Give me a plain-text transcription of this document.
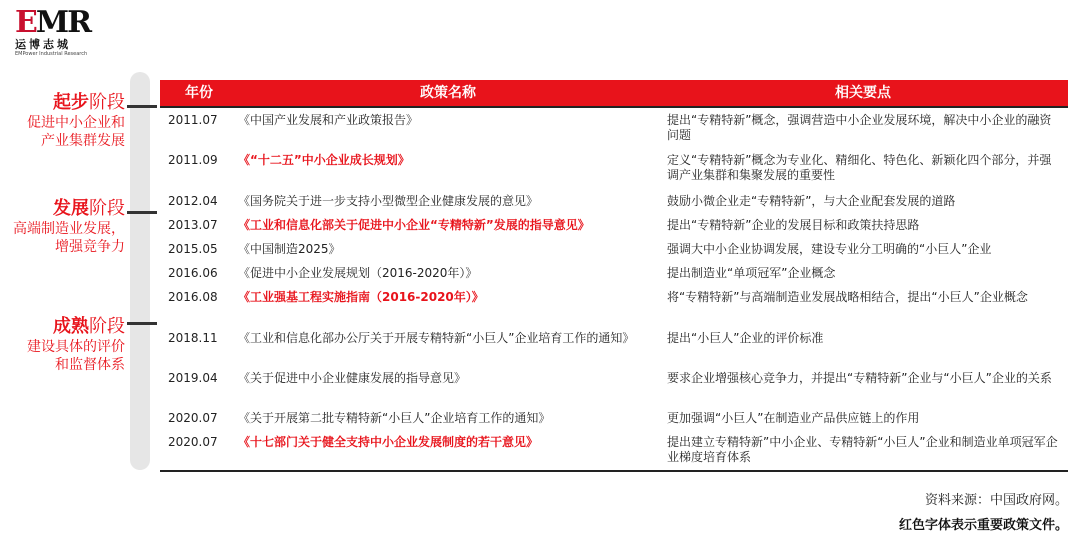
EMR
运博志城
EMPower Industrial Research
起步阶段
促进中小企业和
产业集群发展
发展阶段
高端制造业发展，
增强竞争力
成熟阶段
建设具体的评价
和监督体系
年份	政策名称	相关要点
2011.07	《中国产业发展和产业政策报告》	提出“专精特新”概念，强调营造中小企业发展环境，解决中小企业的融资问题
2011.09	《“十二五”中小企业成长规划》	定义“专精特新”概念为专业化、精细化、特色化、新颖化四个部分，并强调产业集群和集聚发展的重要性
2012.04	《国务院关于进一步支持小型微型企业健康发展的意见》	鼓励小微企业走“专精特新”，与大企业配套发展的道路
2013.07	《工业和信息化部关于促进中小企业“专精特新”发展的指导意见》	提出“专精特新”企业的发展目标和政策扶持思路
2015.05	《中国制造2025》	强调大中小企业协调发展，建设专业分工明确的“小巨人”企业
2016.06	《促进中小企业发展规划（2016-2020年）》	提出制造业“单项冠军”企业概念
2016.08	《工业强基工程实施指南（2016-2020年）》	将“专精特新”与高端制造业发展战略相结合，提出“小巨人”企业概念
2018.11	《工业和信息化部办公厅关于开展专精特新“小巨人”企业培育工作的通知》	提出“小巨人”企业的评价标准
2019.04	《关于促进中小企业健康发展的指导意见》	要求企业增强核心竞争力，并提出“专精特新”企业与“小巨人”企业的关系
2020.07	《关于开展第二批专精特新“小巨人”企业培育工作的通知》	更加强调“小巨人”在制造业产品供应链上的作用
2020.07	《十七部门关于健全支持中小企业发展制度的若干意见》	提出建立专精特新”中小企业、专精特新“小巨人”企业和制造业单项冠军企业梯度培育体系
资料来源：中国政府网。
红色字体表示重要政策文件。
